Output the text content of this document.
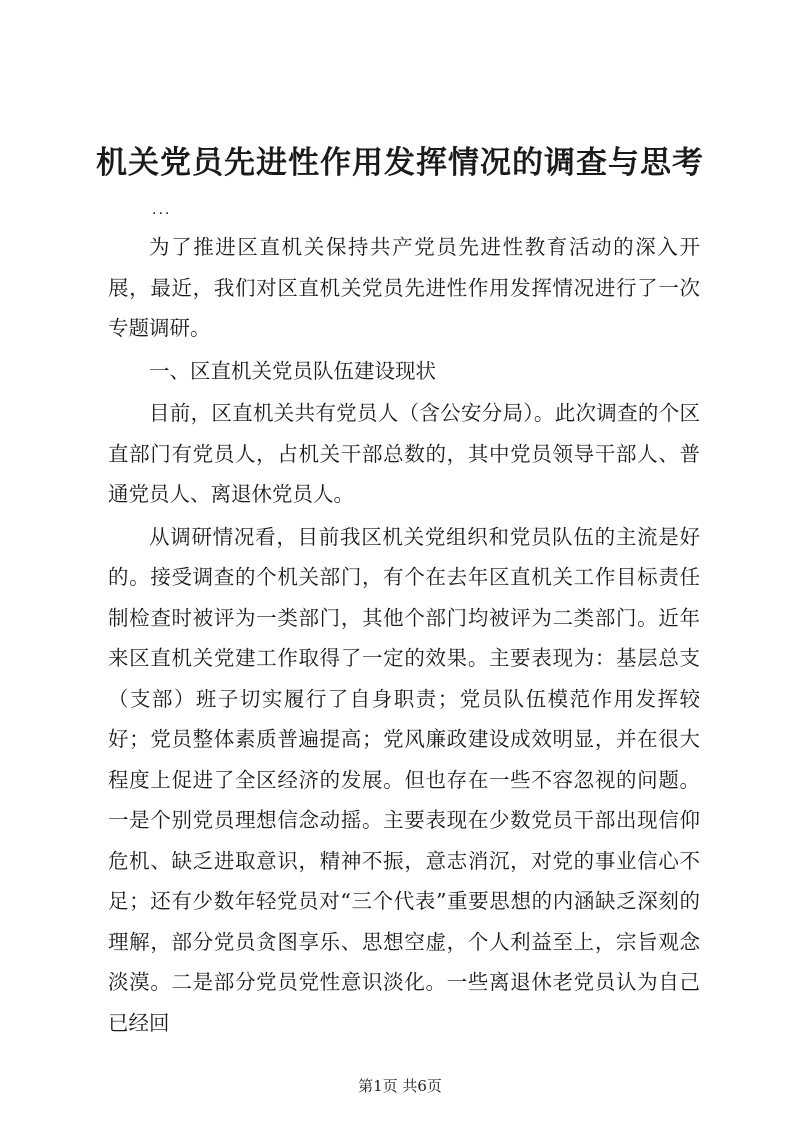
机关党员先进性作用发挥情况的调查与思考
...

为了推进区直机关保持共产党员先进性教育活动的深入开展，最近，我们对区直机关党员先进性作用发挥情况进行了一次专题调研。

一、区直机关党员队伍建设现状

目前，区直机关共有党员人（含公安分局）。此次调查的个区直部门有党员人，占机关干部总数的，其中党员领导干部人、普通党员人、离退休党员人。

从调研情况看，目前我区机关党组织和党员队伍的主流是好的。接受调查的个机关部门，有个在去年区直机关工作目标责任制检查时被评为一类部门，其他个部门均被评为二类部门。近年来区直机关党建工作取得了一定的效果。主要表现为：基层总支（支部）班子切实履行了自身职责；党员队伍模范作用发挥较好；党员整体素质普遍提高；党风廉政建设成效明显，并在很大程度上促进了全区经济的发展。但也存在一些不容忽视的问题。一是个别党员理想信念动摇。主要表现在少数党员干部出现信仰危机、缺乏进取意识，精神不振，意志消沉，对党的事业信心不足；还有少数年轻党员对“三个代表”重要思想的内涵缺乏深刻的理解，部分党员贪图享乐、思想空虚，个人利益至上，宗旨观念淡漠。二是部分党员党性意识淡化。一些离退休老党员认为自己已经回

第1页 共6页
